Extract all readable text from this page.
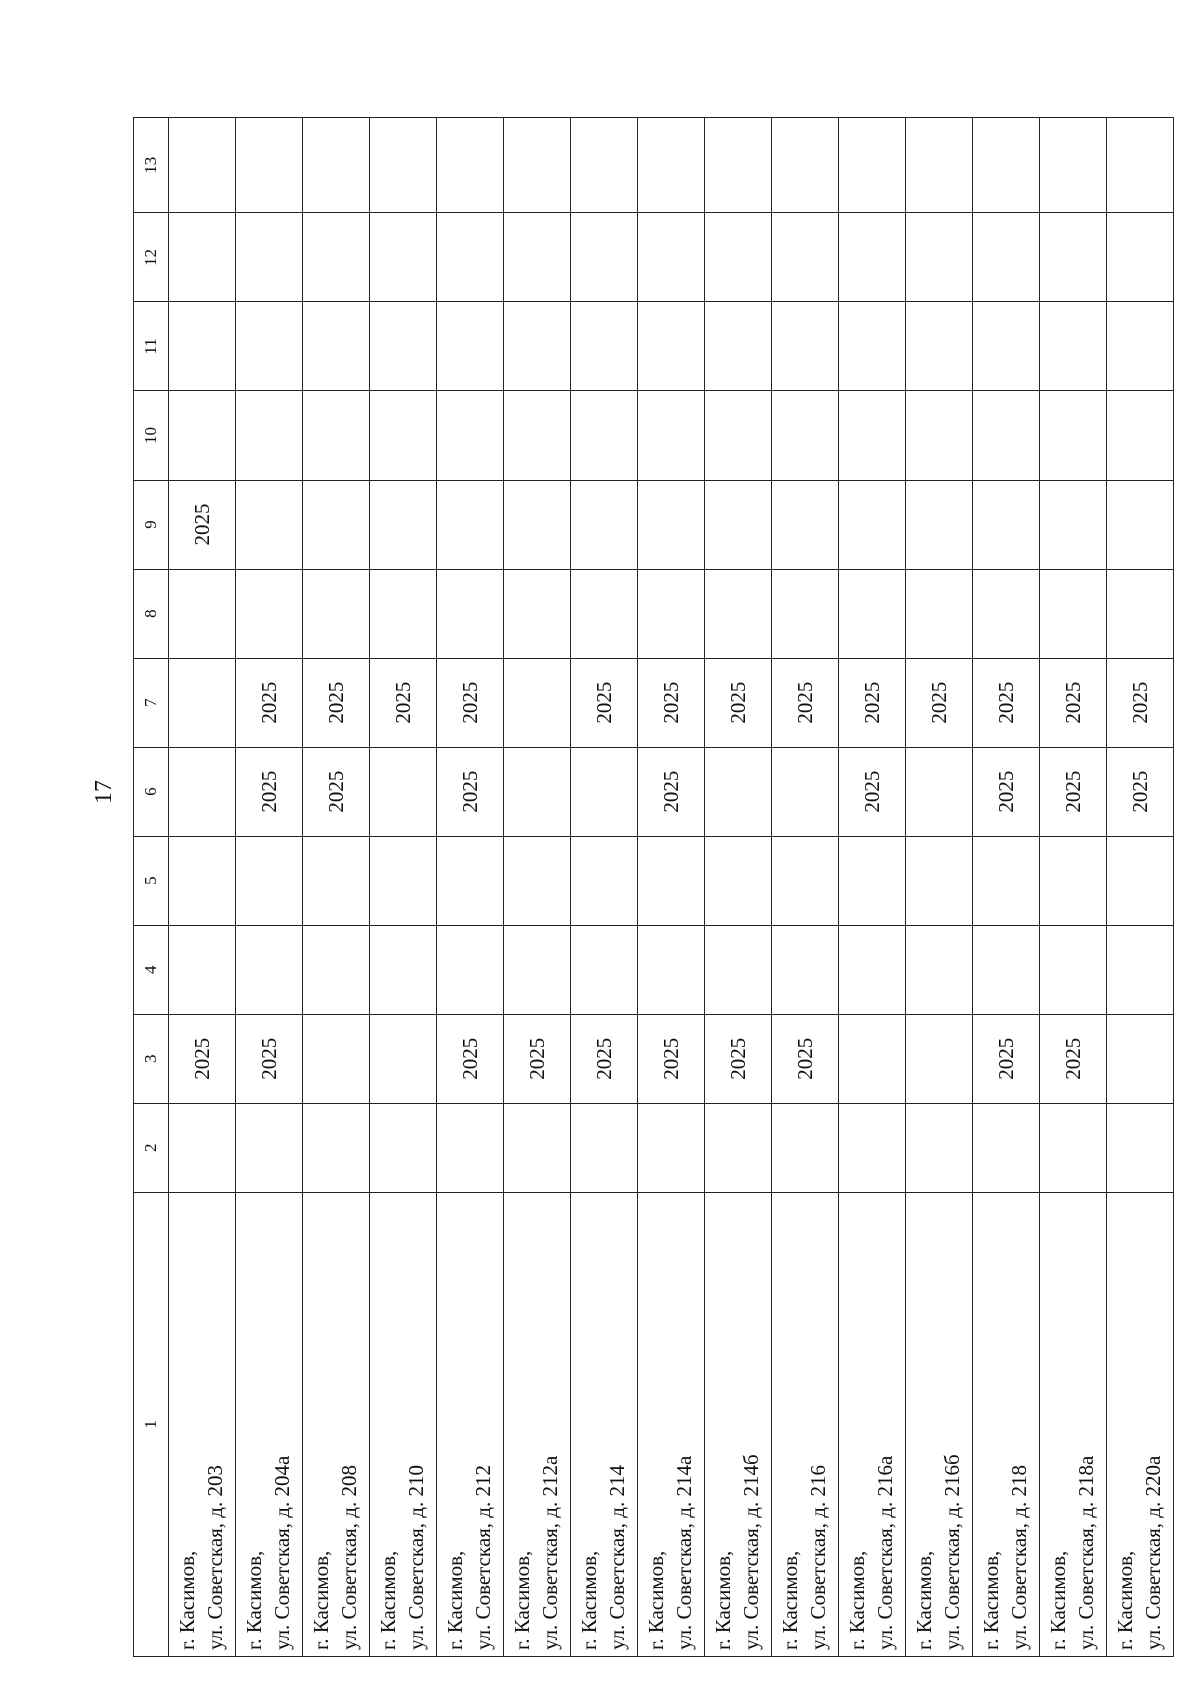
17
1	2	3	4	5	6	7	8	9	10	11	12	13

г. Касимов, ул. Советская, д. 203		2025						2025				

г. Касимов, ул. Советская, д. 204а		2025			2025	2025						

г. Касимов, ул. Советская, д. 208					2025	2025						

г. Касимов, ул. Советская, д. 210						2025						

г. Касимов, ул. Советская, д. 212		2025			2025	2025						

г. Касимов, ул. Советская, д. 212а		2025										

г. Касимов, ул. Советская, д. 214		2025				2025						

г. Касимов, ул. Советская, д. 214а		2025			2025	2025						

г. Касимов, ул. Советская, д. 214б		2025				2025						

г. Касимов, ул. Советская, д. 216		2025				2025						

г. Касимов, ул. Советская, д. 216а					2025	2025						

г. Касимов, ул. Советская, д. 216б						2025						

г. Касимов, ул. Советская, д. 218		2025			2025	2025						

г. Касимов, ул. Советская, д. 218а		2025			2025	2025						

г. Касимов, ул. Советская, д. 220а					2025	2025						
